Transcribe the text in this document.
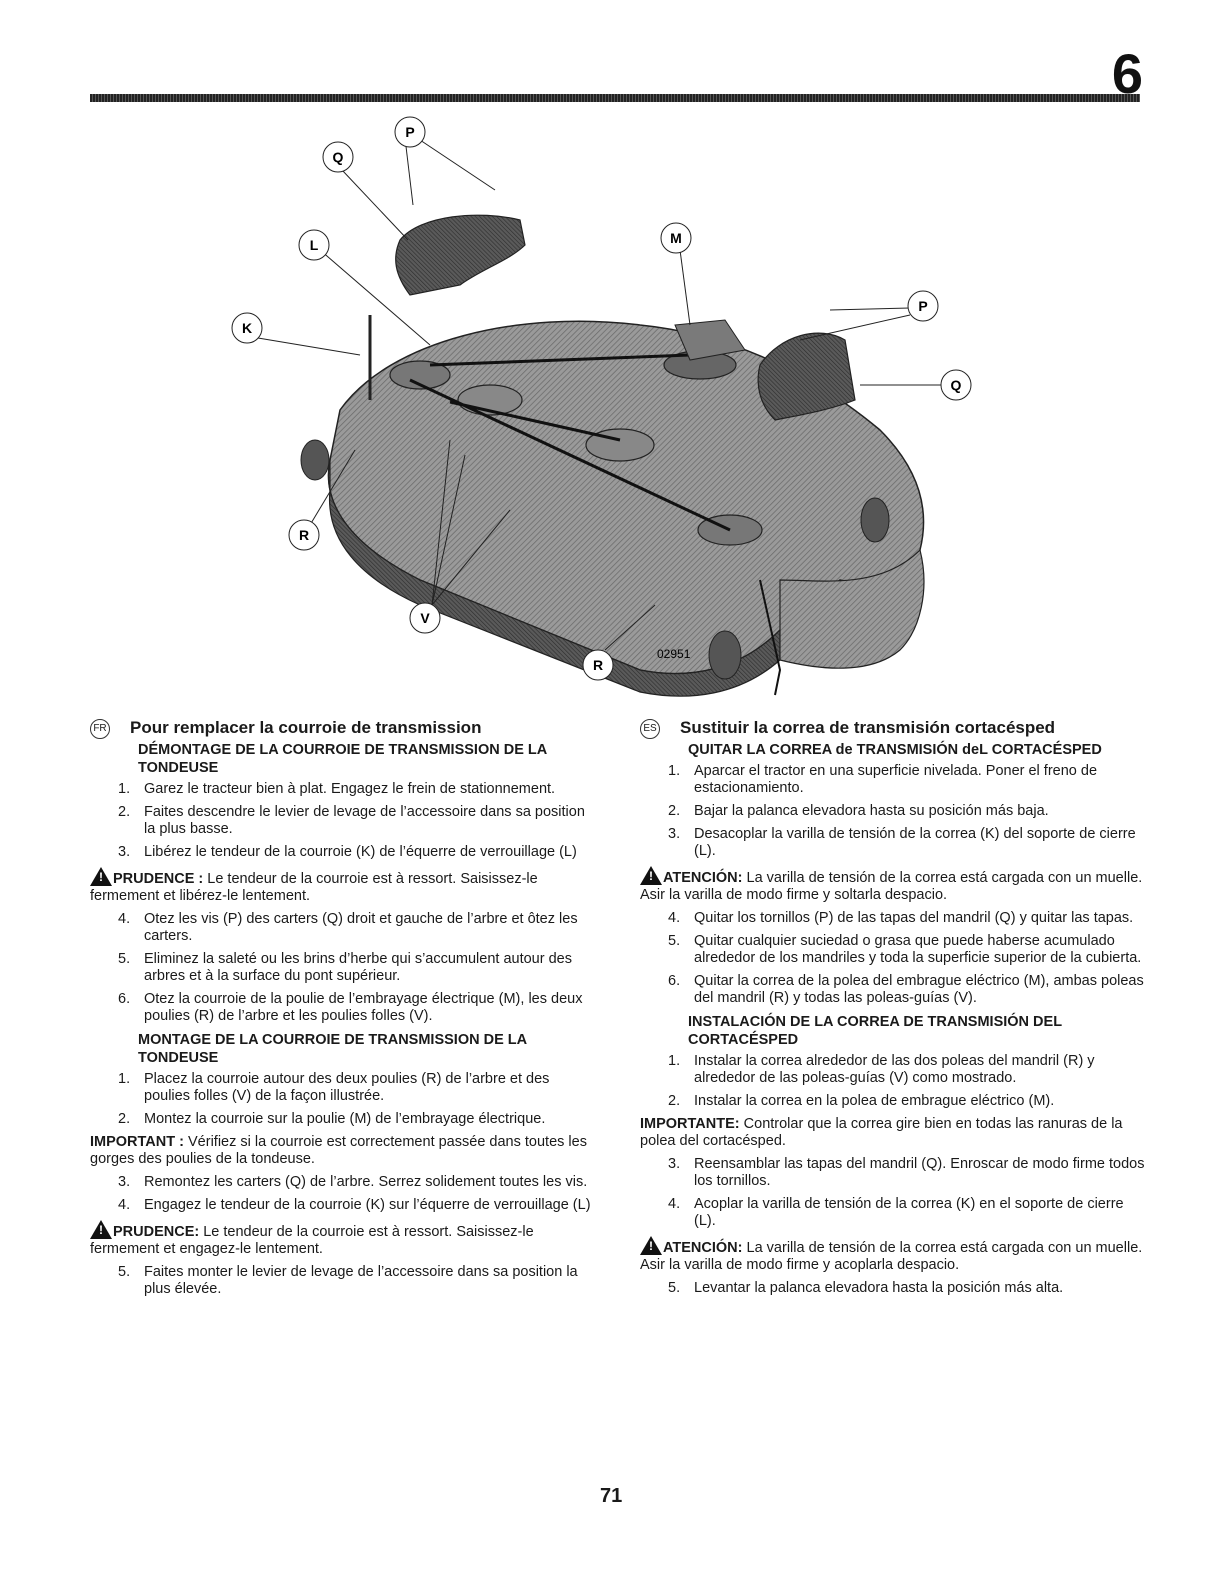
6
P
Q
L
K
M
P
Q
R
V
R
02951
FR Pour remplacer la courroie de transmission
DÉMONTAGE DE LA COURROIE DE TRANSMISSION DE LA TONDEUSE
1. Garez le tracteur bien à plat. Engagez le frein de stationnement.
2. Faites descendre le levier de levage de l’accessoire dans sa position la plus basse.
3. Libérez le tendeur de la courroie (K) de l’équerre de verrouillage (L)
! PRUDENCE : Le tendeur de la courroie est à ressort. Saisissez-le fermement et libérez-le lentement.
4. Otez les vis (P) des carters (Q) droit et gauche de l’arbre et ôtez les carters.
5. Eliminez la saleté ou les brins d’herbe qui s’accumulent autour des arbres et à la surface du pont supérieur.
6. Otez la courroie de la poulie de l’embrayage électrique (M), les deux poulies (R) de l’arbre et les poulies folles (V).
MONTAGE DE LA COURROIE DE TRANSMISSION DE LA TONDEUSE
1. Placez la courroie autour des deux poulies (R) de l’arbre et des poulies folles (V) de la façon illustrée.
2. Montez la courroie sur la poulie (M) de l’embrayage électrique.
IMPORTANT : Vérifiez si la courroie est correctement passée dans toutes les gorges des poulies de la tondeuse.
3. Remontez les carters (Q) de l’arbre. Serrez solidement toutes les vis.
4. Engagez le tendeur de la courroie (K) sur l’équerre de verrouillage (L)
! PRUDENCE: Le tendeur de la courroie est à ressort. Saisissez-le fermement et engagez-le lentement.
5. Faites monter le levier de levage de l’accessoire dans sa position la plus élevée.
ES Sustituir la correa de transmisión cortacésped
QUITAR LA CORREA de TRANSMISIÓN deL CORTACÉSPED
1. Aparcar el tractor en una superficie nivelada. Poner el freno de estacionamiento.
2. Bajar la palanca elevadora hasta su posición más baja.
3. Desacoplar la varilla de tensión de la correa (K) del soporte de cierre (L).
! ATENCIÓN: La varilla de tensión de la correa está cargada con un muelle. Asir la varilla de modo firme y soltarla despacio.
4. Quitar los tornillos (P) de las tapas del mandril (Q) y quitar las tapas.
5. Quitar cualquier suciedad o grasa que puede haberse acumulado alrededor de los mandriles y toda la superficie superior de la cubierta.
6. Quitar la correa de la polea del embrague eléctrico (M), ambas poleas del mandril (R) y todas las poleas-guías (V).
INSTALACIÓN DE LA CORREA DE TRANSMISIÓN DEL CORTACÉSPED
1. Instalar la correa alrededor de las dos poleas del mandril (R) y alrededor de las poleas-guías (V) como mostrado.
2. Instalar la correa en la polea de embrague eléctrico (M).
IMPORTANTE: Controlar que la correa gire bien en todas las ranuras de la polea del cortacésped.
3. Reensamblar las tapas del mandril (Q). Enroscar de modo firme todos los tornillos.
4. Acoplar la varilla de tensión de la correa (K) en el soporte de cierre (L).
! ATENCIÓN: La varilla de tensión de la correa está cargada con un muelle. Asir la varilla de modo firme y acoplarla despacio.
5. Levantar la palanca elevadora hasta la posición más alta.
71
